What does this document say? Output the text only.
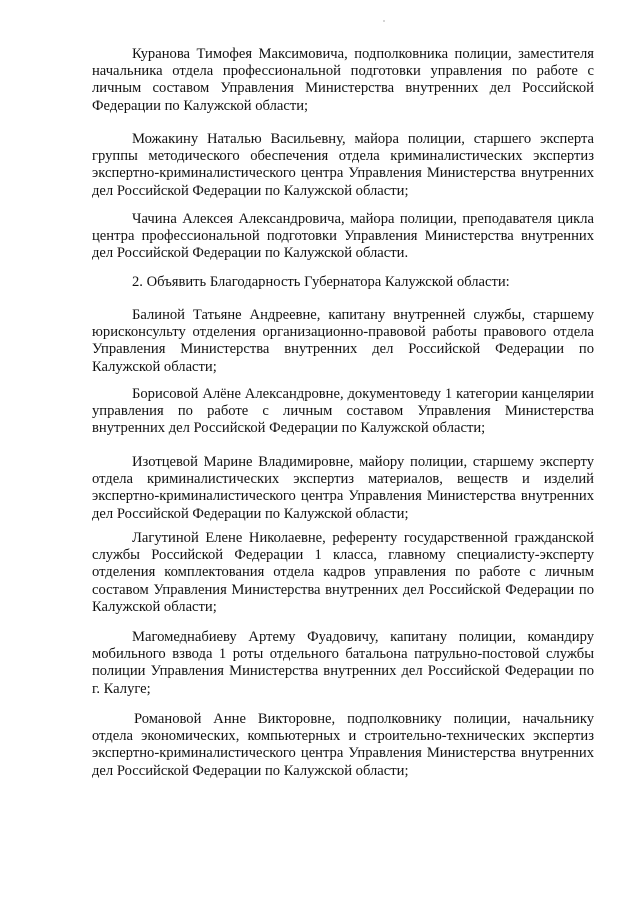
Куранова Тимофея Максимовича, подполковника полиции, заместителя начальника отдела профессиональной подготовки управления по работе с личным составом Управления Министерства внутренних дел Российской Федерации по Калужской области;

Можакину Наталью Васильевну, майора полиции, старшего эксперта группы методического обеспечения отдела криминалистических экспертиз экспертно-криминалистического центра Управления Министерства внутренних дел Российской Федерации по Калужской области;

Чачина Алексея Александровича, майора полиции, преподавателя цикла центра профессиональной подготовки Управления Министерства внутренних дел Российской Федерации по Калужской области.

2. Объявить Благодарность Губернатора Калужской области:

Балиной Татьяне Андреевне, капитану внутренней службы, старшему юрисконсульту отделения организационно-правовой работы правового отдела Управления Министерства внутренних дел Российской Федерации по Калужской области;

Борисовой Алёне Александровне, документоведу 1 категории канцелярии управления по работе с личным составом Управления Министерства внутренних дел Российской Федерации по Калужской области;

Изотцевой Марине Владимировне, майору полиции, старшему эксперту отдела криминалистических экспертиз материалов, веществ и изделий экспертно-криминалистического центра Управления Министерства внутренних дел Российской Федерации по Калужской области;

Лагутиной Елене Николаевне, референту государственной гражданской службы Российской Федерации 1 класса, главному специалисту-эксперту отделения комплектования отдела кадров управления по работе с личным составом Управления Министерства внутренних дел Российской Федерации по Калужской области;

Магомеднабиеву Артему Фуадовичу, капитану полиции, командиру мобильного взвода 1 роты отдельного батальона патрульно-постовой службы полиции Управления Министерства внутренних дел Российской Федерации по г. Калуге;

Романовой Анне Викторовне, подполковнику полиции, начальнику отдела экономических, компьютерных и строительно-технических экспертиз экспертно-криминалистического центра Управления Министерства внутренних дел Российской Федерации по Калужской области;
